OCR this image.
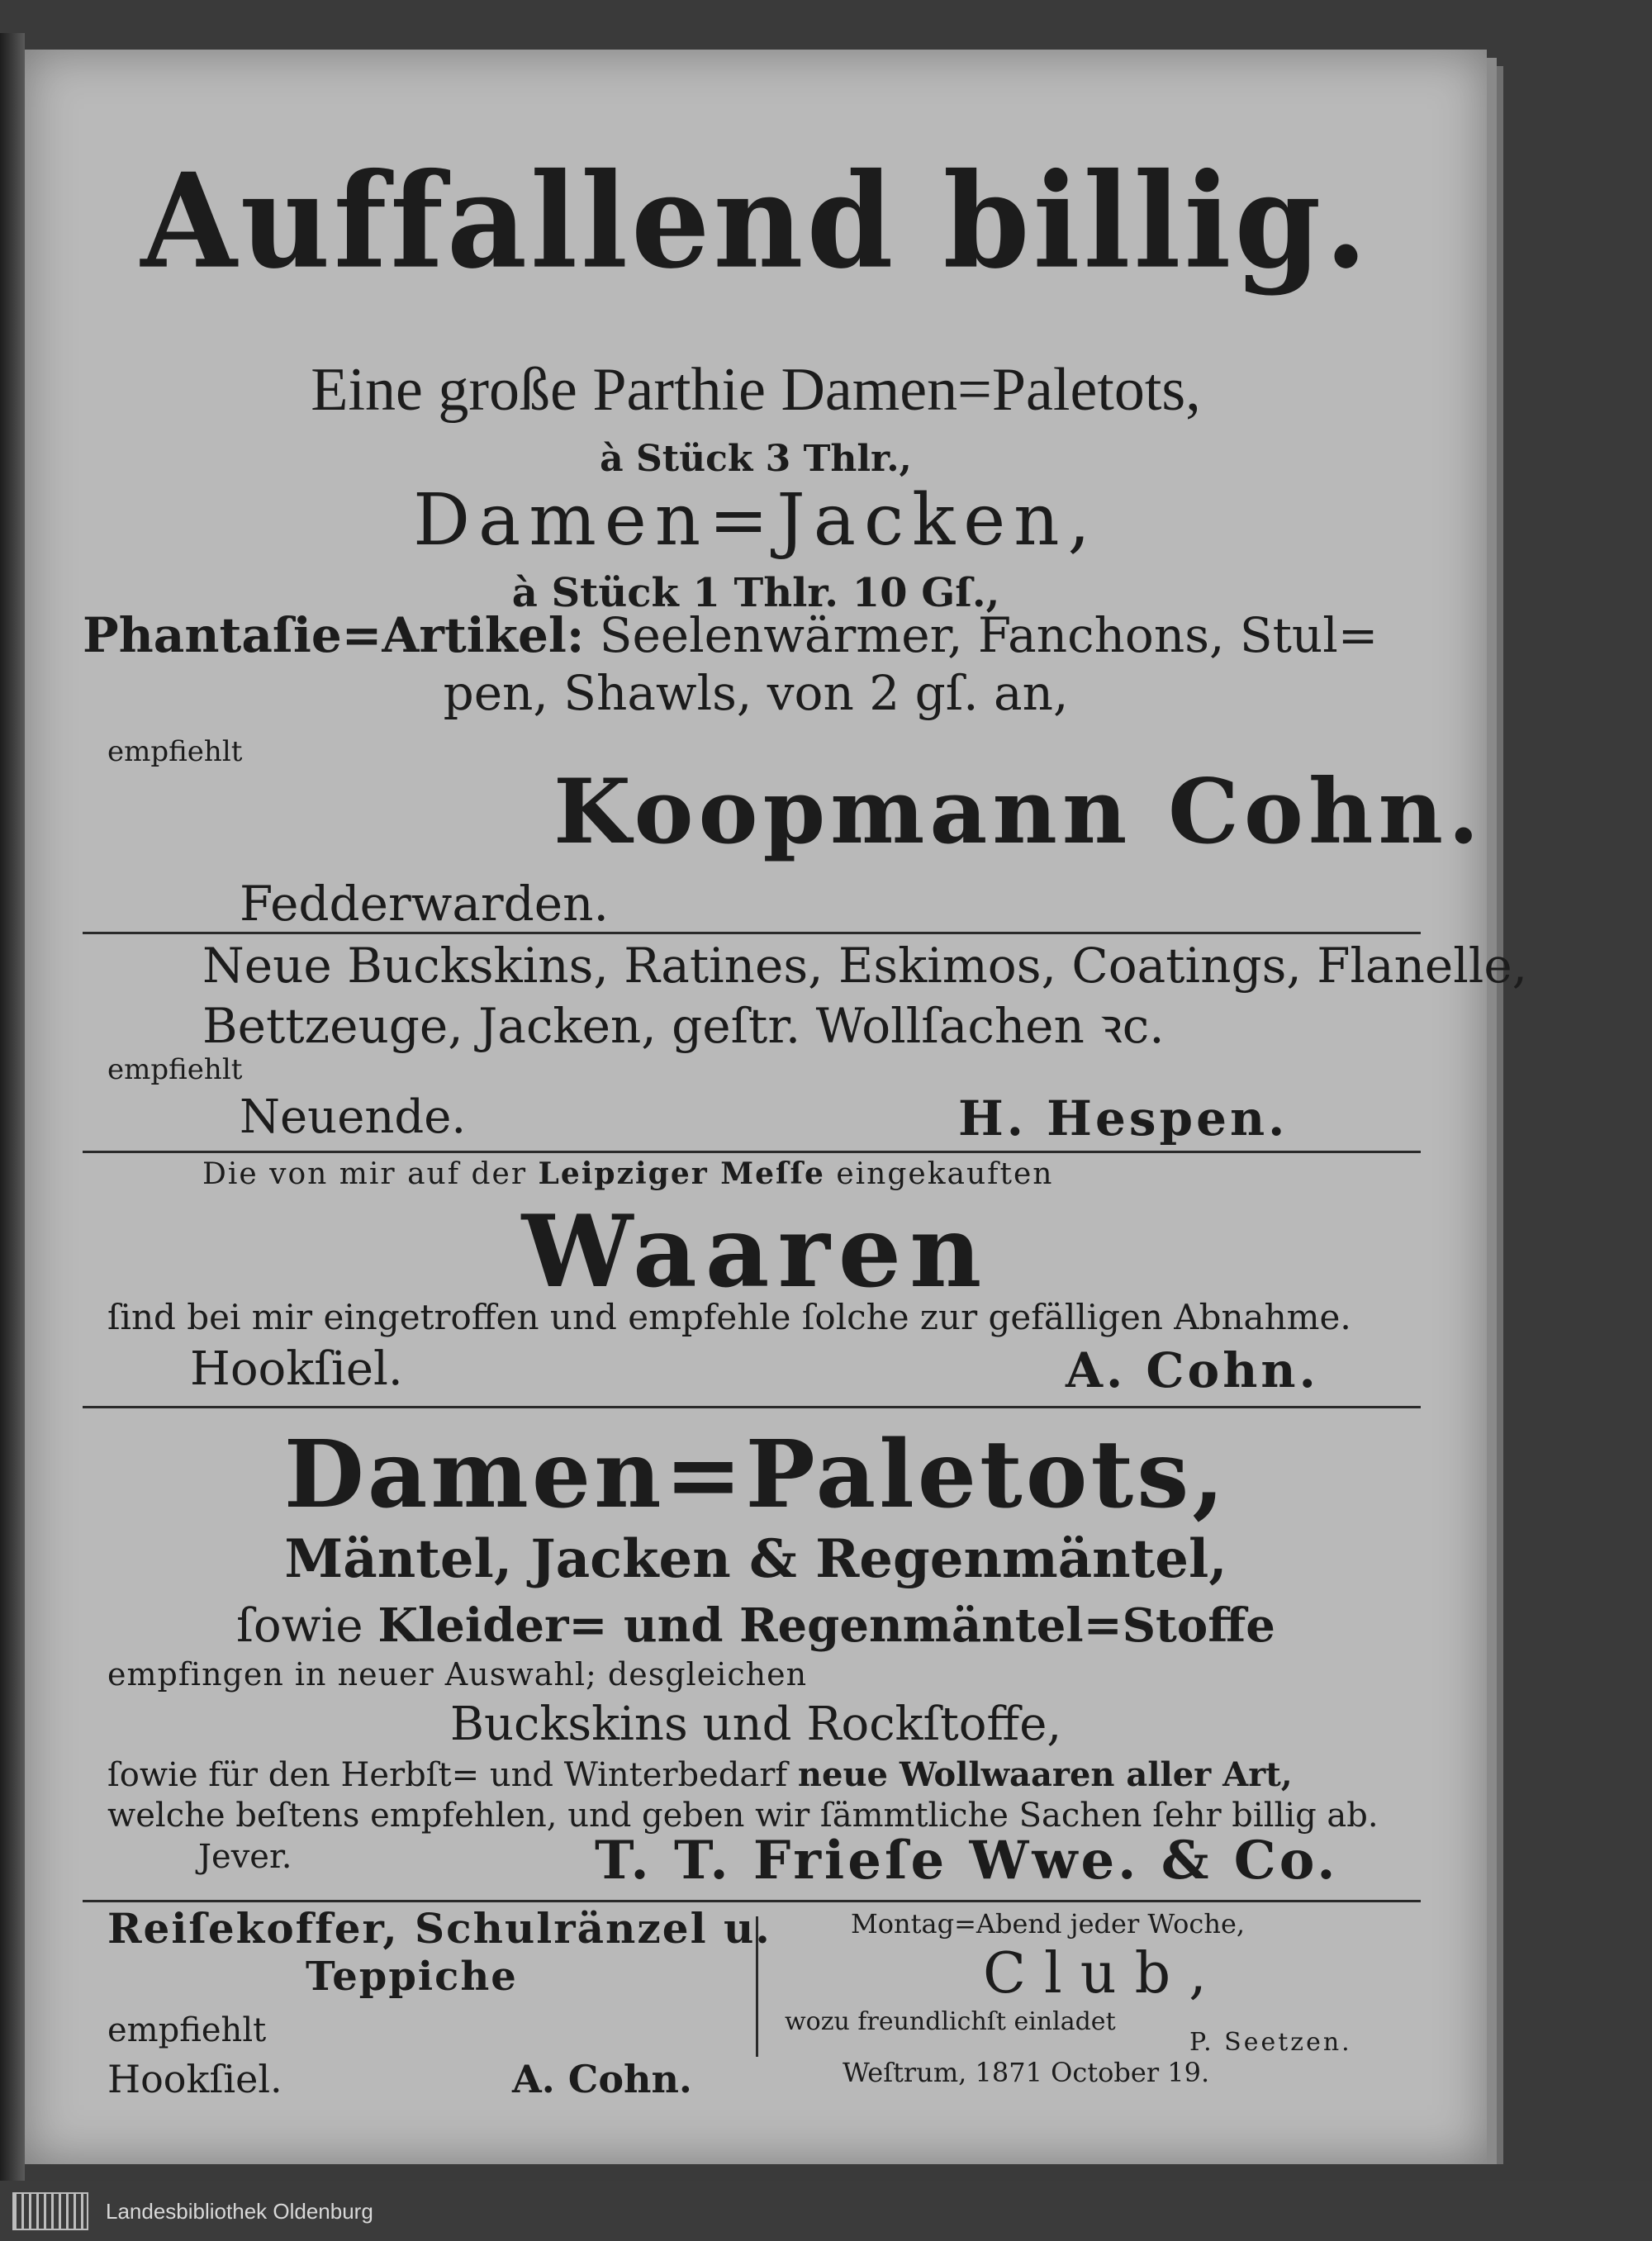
Auffallend billig.
Eine große Parthie Damen=Paletots,
à Stück 3 Thlr.,
Damen=Jacken,
à Stück 1 Thlr. 10 Gſ.,
Phantaſie=Artikel: Seelenwärmer, Fanchons, Stul=
pen, Shawls, von 2 gſ. an,
empfiehlt
Koopmann Cohn.
Fedderwarden.
Neue Buckskins, Ratines, Eskimos, Coatings, Flanelle,
Bettzeuge, Jacken, geſtr. Wollſachen ꝛc.
empfiehlt
Neuende.	H. Hespen.
Die von mir auf der Leipziger Meſſe eingekauften
Waaren
ſind bei mir eingetroffen und empfehle ſolche zur gefälligen Abnahme.
Hookſiel.	A. Cohn.
Damen=Paletots,
Mäntel, Jacken & Regenmäntel,
ſowie Kleider= und Regenmäntel=Stoffe
empfingen in neuer Auswahl; desgleichen
Buckskins und Rockſtoffe,
ſowie für den Herbſt= und Winterbedarf neue Wollwaaren aller Art,
welche beſtens empfehlen, und geben wir ſämmtliche Sachen ſehr billig ab.
Jever.	T. T. Frieſe Wwe. & Co.
Reiſekoffer, Schulränzel u.
Teppiche
empfiehlt
Hookſiel.	A. Cohn.
Montag=Abend jeder Woche,
Club,
wozu freundlichſt einladet
P. Seetzen.
Weſtrum, 1871 October 19.
Landesbibliothek Oldenburg
